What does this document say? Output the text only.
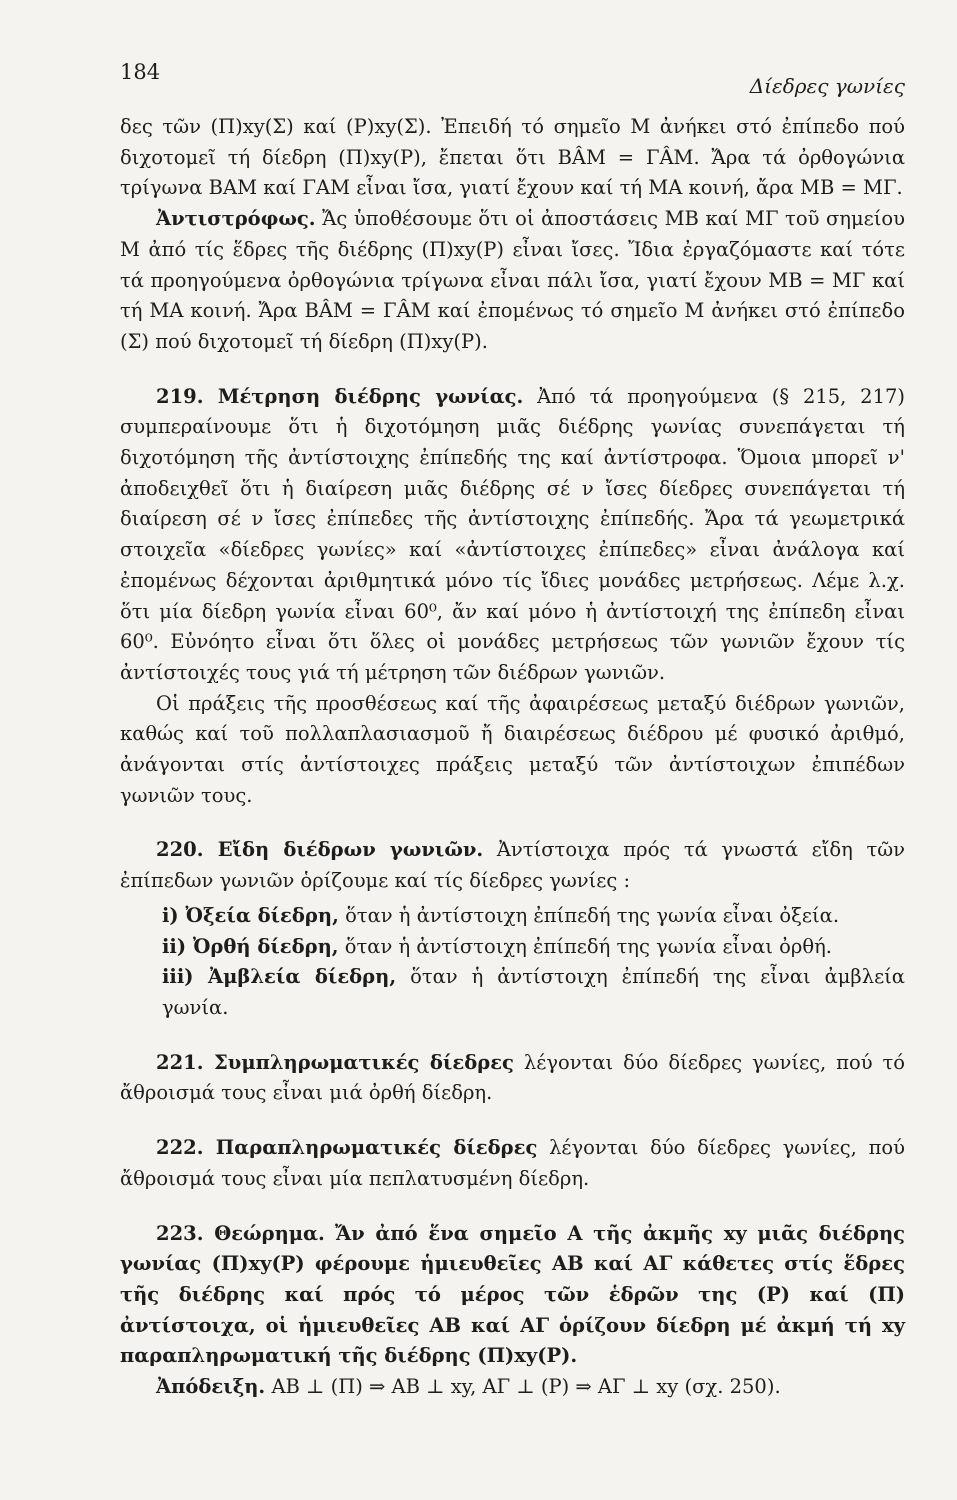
184
Δίεδρες γωνίες

δες τῶν (Π)xy(Σ) καί (P)xy(Σ). Ἐπειδή τό σημεῖο M ἀνήκει στό ἐπίπεδο πού διχοτομεῖ τή δίεδρη (Π)xy(P), ἔπεται ὅτι BÂM = ΓÂM. Ἄρα τά ὀρθογώνια τρίγωνα BAM καί ΓAM εἶναι ἴσα, γιατί ἔχουν καί τή MA κοινή, ἄρα MB = MΓ.

Ἀντιστρόφως. Ἄς ὑποθέσουμε ὅτι οἱ ἀποστάσεις MB καί MΓ τοῦ σημείου M ἀπό τίς ἕδρες τῆς διέδρης (Π)xy(P) εἶναι ἴσες. Ἴδια ἐργαζόμαστε καί τότε τά προηγούμενα ὀρθογώνια τρίγωνα εἶναι πάλι ἴσα, γιατί ἔχουν MB = MΓ καί τή MA κοινή. Ἄρα BÂM = ΓÂM καί ἐπομένως τό σημεῖο M ἀνήκει στό ἐπίπεδο (Σ) πού διχοτομεῖ τή δίεδρη (Π)xy(P).

219. Μέτρηση διέδρης γωνίας. Ἀπό τά προηγούμενα (§ 215, 217) συμπεραίνουμε ὅτι ἡ διχοτόμηση μιᾶς διέδρης γωνίας συνεπάγεται τή διχοτόμηση τῆς ἀντίστοιχης ἐπίπεδής της καί ἀντίστροφα. Ὅμοια μπορεῖ ν' ἀποδειχθεῖ ὅτι ἡ διαίρεση μιᾶς διέδρης σέ ν ἴσες δίεδρες συνεπάγεται τή διαίρεση σέ ν ἴσες ἐπίπεδες τῆς ἀντίστοιχης ἐπίπεδής. Ἄρα τά γεωμετρικά στοιχεῖα «δίεδρες γωνίες» καί «ἀντίστοιχες ἐπίπεδες» εἶναι ἀνάλογα καί ἐπομένως δέχονται ἀριθμητικά μόνο τίς ἴδιες μονάδες μετρήσεως. Λέμε λ.χ. ὅτι μία δίεδρη γωνία εἶναι 60⁰, ἄν καί μόνο ἡ ἀντίστοιχή της ἐπίπεδη εἶναι 60⁰. Εὐνόητο εἶναι ὅτι ὅλες οἱ μονάδες μετρήσεως τῶν γωνιῶν ἔχουν τίς ἀντίστοιχές τους γιά τή μέτρηση τῶν διέδρων γωνιῶν.

Οἱ πράξεις τῆς προσθέσεως καί τῆς ἀφαιρέσεως μεταξύ διέδρων γωνιῶν, καθώς καί τοῦ πολλαπλασιασμοῦ ἤ διαιρέσεως διέδρου μέ φυσικό ἀριθμό, ἀνάγονται στίς ἀντίστοιχες πράξεις μεταξύ τῶν ἀντίστοιχων ἐπιπέδων γωνιῶν τους.

220. Εἴδη διέδρων γωνιῶν. Ἀντίστοιχα πρός τά γνωστά εἴδη τῶν ἐπίπεδων γωνιῶν ὁρίζουμε καί τίς δίεδρες γωνίες :

i) Ὀξεία δίεδρη, ὅταν ἡ ἀντίστοιχη ἐπίπεδή της γωνία εἶναι ὀξεία.

ii) Ὀρθή δίεδρη, ὅταν ἡ ἀντίστοιχη ἐπίπεδή της γωνία εἶναι ὀρθή.

iii) Ἀμβλεία δίεδρη, ὅταν ἡ ἀντίστοιχη ἐπίπεδή της εἶναι ἀμβλεία γωνία.

221. Συμπληρωματικές δίεδρες λέγονται δύο δίεδρες γωνίες, πού τό ἄθροισμά τους εἶναι μιά ὀρθή δίεδρη.

222. Παραπληρωματικές δίεδρες λέγονται δύο δίεδρες γωνίες, πού ἄθροισμά τους εἶναι μία πεπλατυσμένη δίεδρη.

223. Θεώρημα. Ἄν ἀπό ἕνα σημεῖο A τῆς ἀκμῆς xy μιᾶς διέδρης γωνίας (Π)xy(P) φέρουμε ἡμιευθεῖες AB καί AΓ κάθετες στίς ἕδρες τῆς διέδρης καί πρός τό μέρος τῶν ἑδρῶν της (P) καί (Π) ἀντίστοιχα, οἱ ἡμιευθεῖες AB καί AΓ ὁρίζουν δίεδρη μέ ἀκμή τή xy παραπληρωματική τῆς διέδρης (Π)xy(P).

Ἀπόδειξη. AB ⊥ (Π) ⇒ AB ⊥ xy, AΓ ⊥ (P) ⇒ AΓ ⊥ xy (σχ. 250).
